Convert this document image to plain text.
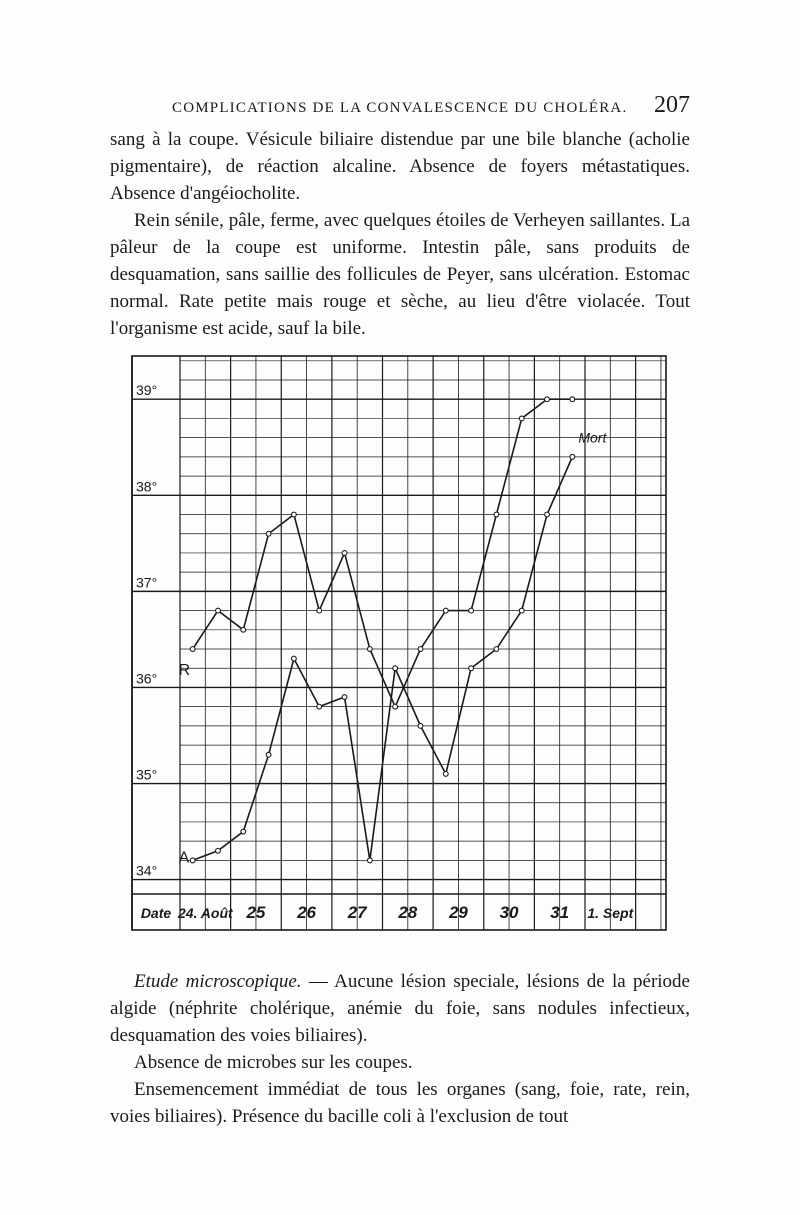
COMPLICATIONS DE LA CONVALESCENCE DU CHOLÉRA. 207

sang à la coupe. Vésicule biliaire distendue par une bile blanche (acholie pigmentaire), de réaction alcaline. Absence de foyers métastatiques. Absence d'angéiocholite.

Rein sénile, pâle, ferme, avec quelques étoiles de Verheyen saillantes. La pâleur de la coupe est uniforme. Intestin pâle, sans produits de desquamation, sans saillie des follicules de Peyer, sans ulcération. Estomac normal. Rate petite mais rouge et sèche, au lieu d'être violacée. Tout l'organisme est acide, sauf la bile.

34°
35°
36°
37°
38°
39°
Date 24. Août 25 26 27 28 29 30 31 1. Sept
R
Mort
A

Etude microscopique. — Aucune lésion speciale, lésions de la période algide (néphrite cholérique, anémie du foie, sans nodules infectieux, desquamation des voies biliaires).

Absence de microbes sur les coupes.

Ensemencement immédiat de tous les organes (sang, foie, rate, rein, voies biliaires). Présence du bacille coli à l'exclusion de tout
